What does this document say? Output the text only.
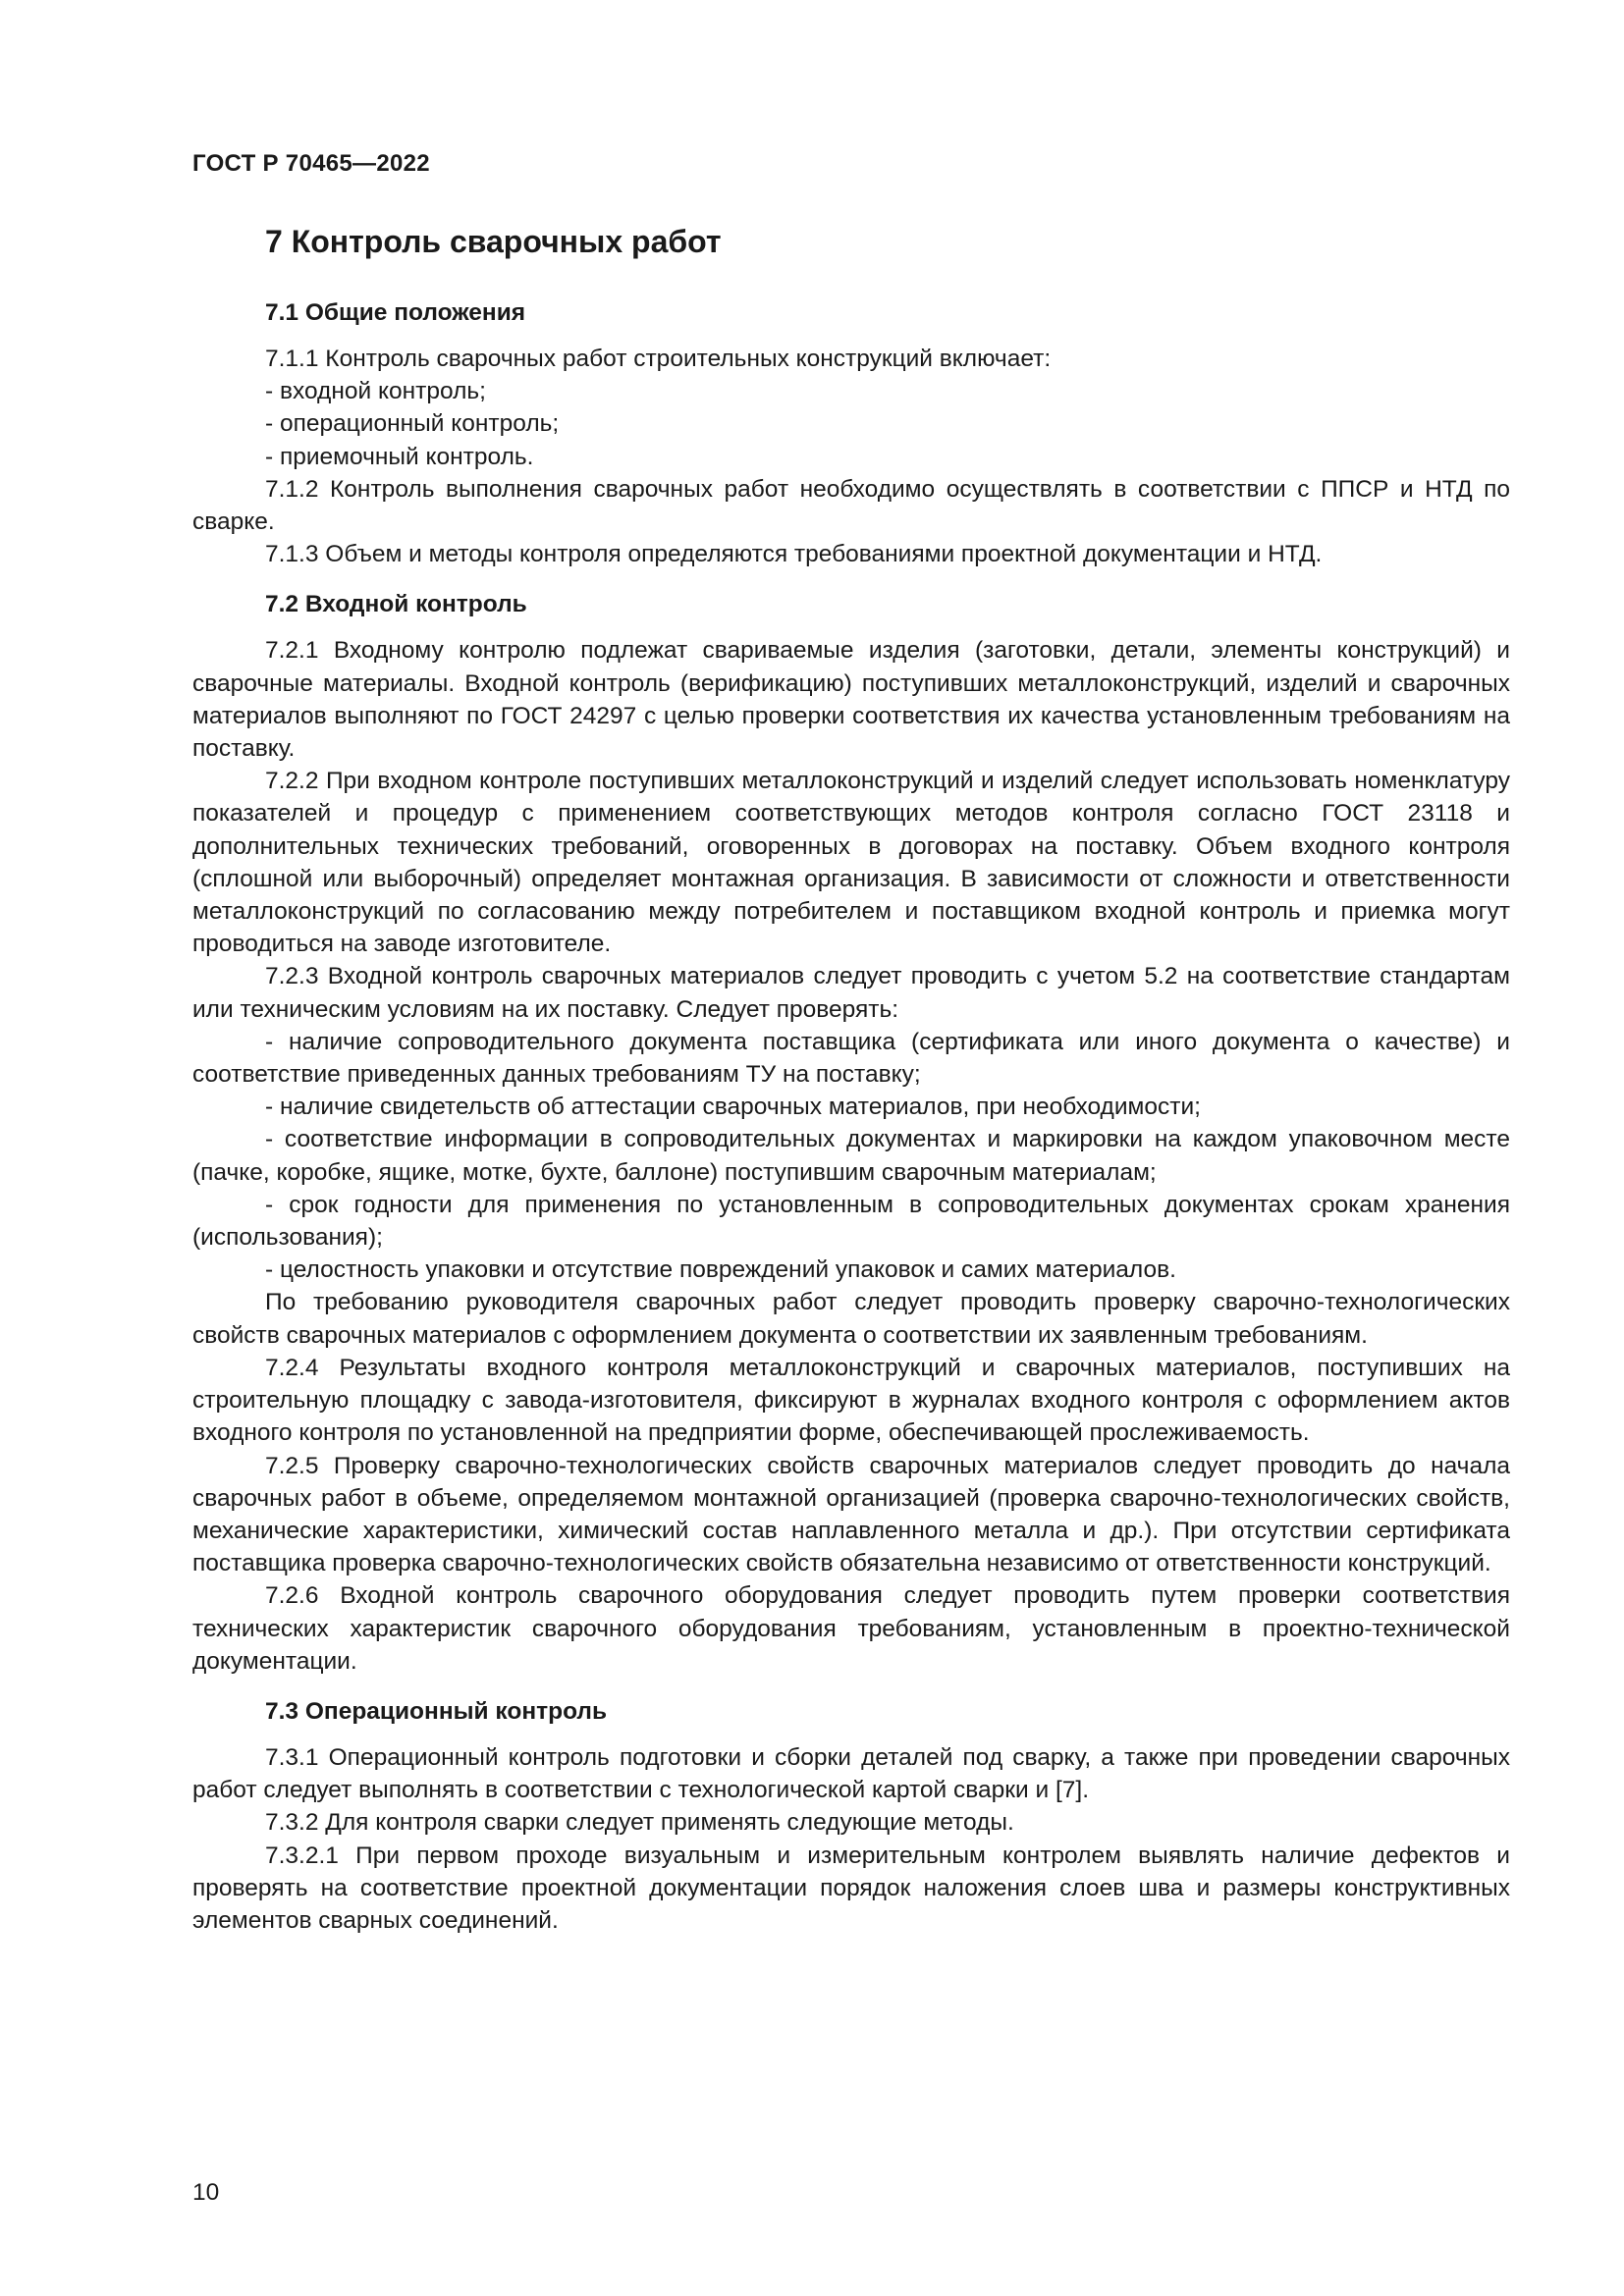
ГОСТ Р 70465—2022
7 Контроль сварочных работ
7.1 Общие положения

7.1.1 Контроль сварочных работ строительных конструкций включает:

- входной контроль;
- операционный контроль;
- приемочный контроль.

7.1.2 Контроль выполнения сварочных работ необходимо осуществлять в соответствии с ППСР и НТД по сварке.

7.1.3 Объем и методы контроля определяются требованиями проектной документации и НТД.

7.2 Входной контроль

7.2.1 Входному контролю подлежат свариваемые изделия (заготовки, детали, элементы конструкций) и сварочные материалы. Входной контроль (верификацию) поступивших металлоконструкций, изделий и сварочных материалов выполняют по ГОСТ 24297 с целью проверки соответствия их качества установленным требованиям на поставку.

7.2.2 При входном контроле поступивших металлоконструкций и изделий следует использовать номенклатуру показателей и процедур с применением соответствующих методов контроля согласно ГОСТ 23118 и дополнительных технических требований, оговоренных в договорах на поставку. Объем входного контроля (сплошной или выборочный) определяет монтажная организация. В зависимости от сложности и ответственности металлоконструкций по согласованию между потребителем и поставщиком входной контроль и приемка могут проводиться на заводе изготовителе.

7.2.3 Входной контроль сварочных материалов следует проводить с учетом 5.2 на соответствие стандартам или техническим условиям на их поставку. Следует проверять:

- наличие сопроводительного документа поставщика (сертификата или иного документа о качестве) и соответствие приведенных данных требованиям ТУ на поставку;

- наличие свидетельств об аттестации сварочных материалов, при необходимости;

- соответствие информации в сопроводительных документах и маркировки на каждом упаковочном месте (пачке, коробке, ящике, мотке, бухте, баллоне) поступившим сварочным материалам;

- срок годности для применения по установленным в сопроводительных документах срокам хранения (использования);

- целостность упаковки и отсутствие повреждений упаковок и самих материалов.

По требованию руководителя сварочных работ следует проводить проверку сварочно-технологических свойств сварочных материалов с оформлением документа о соответствии их заявленным требованиям.

7.2.4 Результаты входного контроля металлоконструкций и сварочных материалов, поступивших на строительную площадку с завода-изготовителя, фиксируют в журналах входного контроля с оформлением актов входного контроля по установленной на предприятии форме, обеспечивающей прослеживаемость.

7.2.5 Проверку сварочно-технологических свойств сварочных материалов следует проводить до начала сварочных работ в объеме, определяемом монтажной организацией (проверка сварочно-технологических свойств, механические характеристики, химический состав наплавленного металла и др.). При отсутствии сертификата поставщика проверка сварочно-технологических свойств обязательна независимо от ответственности конструкций.

7.2.6 Входной контроль сварочного оборудования следует проводить путем проверки соответствия технических характеристик сварочного оборудования требованиям, установленным в проектно-технической документации.

7.3 Операционный контроль

7.3.1 Операционный контроль подготовки и сборки деталей под сварку, а также при проведении сварочных работ следует выполнять в соответствии с технологической картой сварки и [7].

7.3.2 Для контроля сварки следует применять следующие методы.

7.3.2.1 При первом проходе визуальным и измерительным контролем выявлять наличие дефектов и проверять на соответствие проектной документации порядок наложения слоев шва и размеры конструктивных элементов сварных соединений.

10
